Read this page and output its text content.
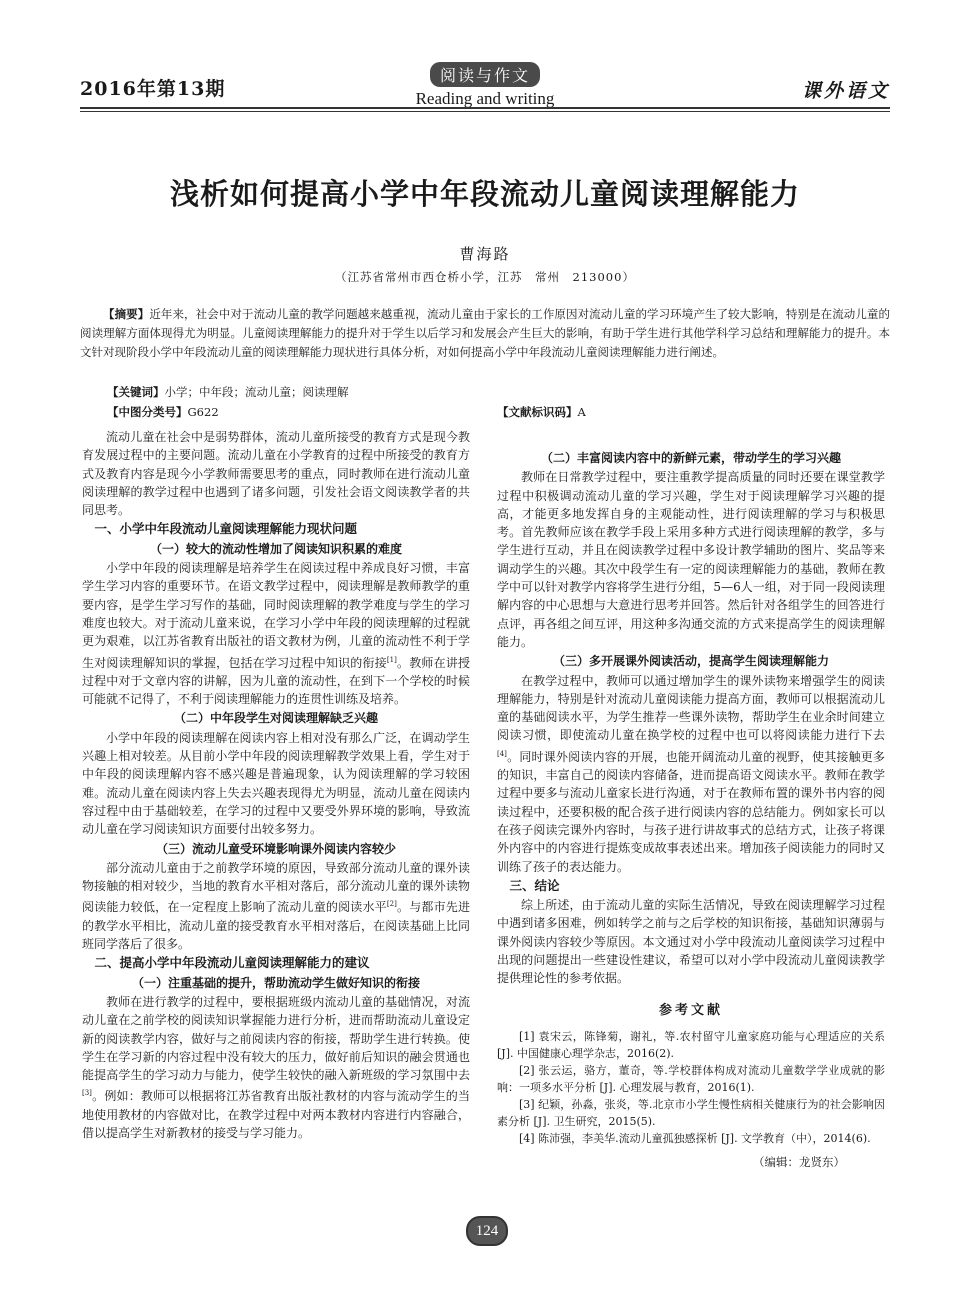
2016年第13期
阅读与作文
Reading and writing	课外语文
浅析如何提高小学中年段流动儿童阅读理解能力
曹海路
（江苏省常州市西仓桥小学，江苏　常州　213000）
【摘要】近年来，社会中对于流动儿童的教学问题越来越重视，流动儿童由于家长的工作原因对流动儿童的学习环境产生了较大影响，特别是在流动儿童的阅读理解方面体现得尤为明显。儿童阅读理解能力的提升对于学生以后学习和发展会产生巨大的影响，有助于学生进行其他学科学习总结和理解能力的提升。本文针对现阶段小学中年段流动儿童的阅读理解能力现状进行具体分析，对如何提高小学中年段流动儿童阅读理解能力进行阐述。
【关键词】小学；中年段；流动儿童；阅读理解
【中图分类号】G622	【文献标识码】A

流动儿童在社会中是弱势群体，流动儿童所接受的教育方式是现今教育发展过程中的主要问题。流动儿童在小学教育的过程中所接受的教育方式及教育内容是现今小学教师需要思考的重点，同时教师在进行流动儿童阅读理解的教学过程中也遇到了诸多问题，引发社会语文阅读教学者的共同思考。

一、小学中年段流动儿童阅读理解能力现状问题
（一）较大的流动性增加了阅读知识积累的难度

小学中年段的阅读理解是培养学生在阅读过程中养成良好习惯，丰富学生学习内容的重要环节。在语文教学过程中，阅读理解是教师教学的重要内容，是学生学习写作的基础，同时阅读理解的教学难度与学生的学习难度也较大。对于流动儿童来说，在学习小学中年段的阅读理解的过程就更为艰难，以江苏省教育出版社的语文教材为例，儿童的流动性不利于学生对阅读理解知识的掌握，包括在学习过程中知识的衔接[1]。教师在讲授过程中对于文章内容的讲解，因为儿童的流动性，在到下一个学校的时候可能就不记得了，不利于阅读理解能力的连贯性训练及培养。

（二）中年段学生对阅读理解缺乏兴趣

小学中年段的阅读理解在阅读内容上相对没有那么广泛，在调动学生兴趣上相对较差。从目前小学中年段的阅读理解教学效果上看，学生对于中年段的阅读理解内容不感兴趣是普遍现象，认为阅读理解的学习较困难。流动儿童在阅读内容上失去兴趣表现得尤为明显，流动儿童在阅读内容过程中由于基础较差，在学习的过程中又要受外界环境的影响，导致流动儿童在学习阅读知识方面要付出较多努力。

（三）流动儿童受环境影响课外阅读内容较少

部分流动儿童由于之前教学环境的原因，导致部分流动儿童的课外读物接触的相对较少，当地的教育水平相对落后，部分流动儿童的课外读物阅读能力较低，在一定程度上影响了流动儿童的阅读水平[2]。与都市先进的教学水平相比，流动儿童的接受教育水平相对落后，在阅读基础上比同班同学落后了很多。

二、提高小学中年段流动儿童阅读理解能力的建议
（一）注重基础的提升，帮助流动学生做好知识的衔接

教师在进行教学的过程中，要根据班级内流动儿童的基础情况，对流动儿童在之前学校的阅读知识掌握能力进行分析，进而帮助流动儿童设定新的阅读教学内容，做好与之前阅读内容的衔接，帮助学生进行转换。使学生在学习新的内容过程中没有较大的压力，做好前后知识的融会贯通也能提高学生的学习动力与能力，使学生较快的融入新班级的学习氛围中去[3]。例如：教师可以根据将江苏省教育出版社教材的内容与流动学生的当地使用教材的内容做对比，在教学过程中对两本教材内容进行内容融合，借以提高学生对新教材的接受与学习能力。

（二）丰富阅读内容中的新鲜元素，带动学生的学习兴趣

教师在日常教学过程中，要注重教学提高质量的同时还要在课堂教学过程中积极调动流动儿童的学习兴趣，学生对于阅读理解学习兴趣的提高，才能更多地发挥自身的主观能动性，进行阅读理解的学习与积极思考。首先教师应该在教学手段上采用多种方式进行阅读理解的教学，多与学生进行互动，并且在阅读教学过程中多设计教学辅助的图片、奖品等来调动学生的兴趣。其次中段学生有一定的阅读理解能力的基础，教师在教学中可以针对教学内容将学生进行分组，5—6人一组，对于同一段阅读理解内容的中心思想与大意进行思考并回答。然后针对各组学生的回答进行点评，再各组之间互评，用这种多沟通交流的方式来提高学生的阅读理解能力。

（三）多开展课外阅读活动，提高学生阅读理解能力

在教学过程中，教师可以通过增加学生的课外读物来增强学生的阅读理解能力，特别是针对流动儿童阅读能力提高方面，教师可以根据流动儿童的基础阅读水平，为学生推荐一些课外读物，帮助学生在业余时间建立阅读习惯，即使流动儿童在换学校的过程中也可以将阅读能力进行下去[4]。同时课外阅读内容的开展，也能开阔流动儿童的视野，使其接触更多的知识，丰富自己的阅读内容储备，进而提高语文阅读水平。教师在教学过程中要多与流动儿童家长进行沟通，对于在教师布置的课外书内容的阅读过程中，还要积极的配合孩子进行阅读内容的总结能力。例如家长可以在孩子阅读完课外内容时，与孩子进行讲故事式的总结方式，让孩子将课外内容中的内容进行提炼变成故事表述出来。增加孩子阅读能力的同时又训练了孩子的表达能力。

三、结论

综上所述，由于流动儿童的实际生活情况，导致在阅读理解学习过程中遇到诸多困难，例如转学之前与之后学校的知识衔接，基础知识薄弱与课外阅读内容较少等原因。本文通过对小学中段流动儿童阅读学习过程中出现的问题提出一些建设性建议，希望可以对小学中段流动儿童阅读教学提供理论性的参考依据。

参考文献

[1] 袁宋云，陈锋菊，谢礼，等.农村留守儿童家庭功能与心理适应的关系 [J]. 中国健康心理学杂志，2016(2).

[2] 张云运，骆方，董奇，等.学校群体构成对流动儿童数学学业成就的影响：一项多水平分析 [J]. 心理发展与教育，2016(1).

[3] 纪颖，孙淼，张炎，等.北京市小学生慢性病相关健康行为的社会影响因素分析 [J]. 卫生研究，2015(5).

[4] 陈沛强，李美华.流动儿童孤独感探析 [J]. 文学教育（中），2014(6).

（编辑：龙贤东）
124
